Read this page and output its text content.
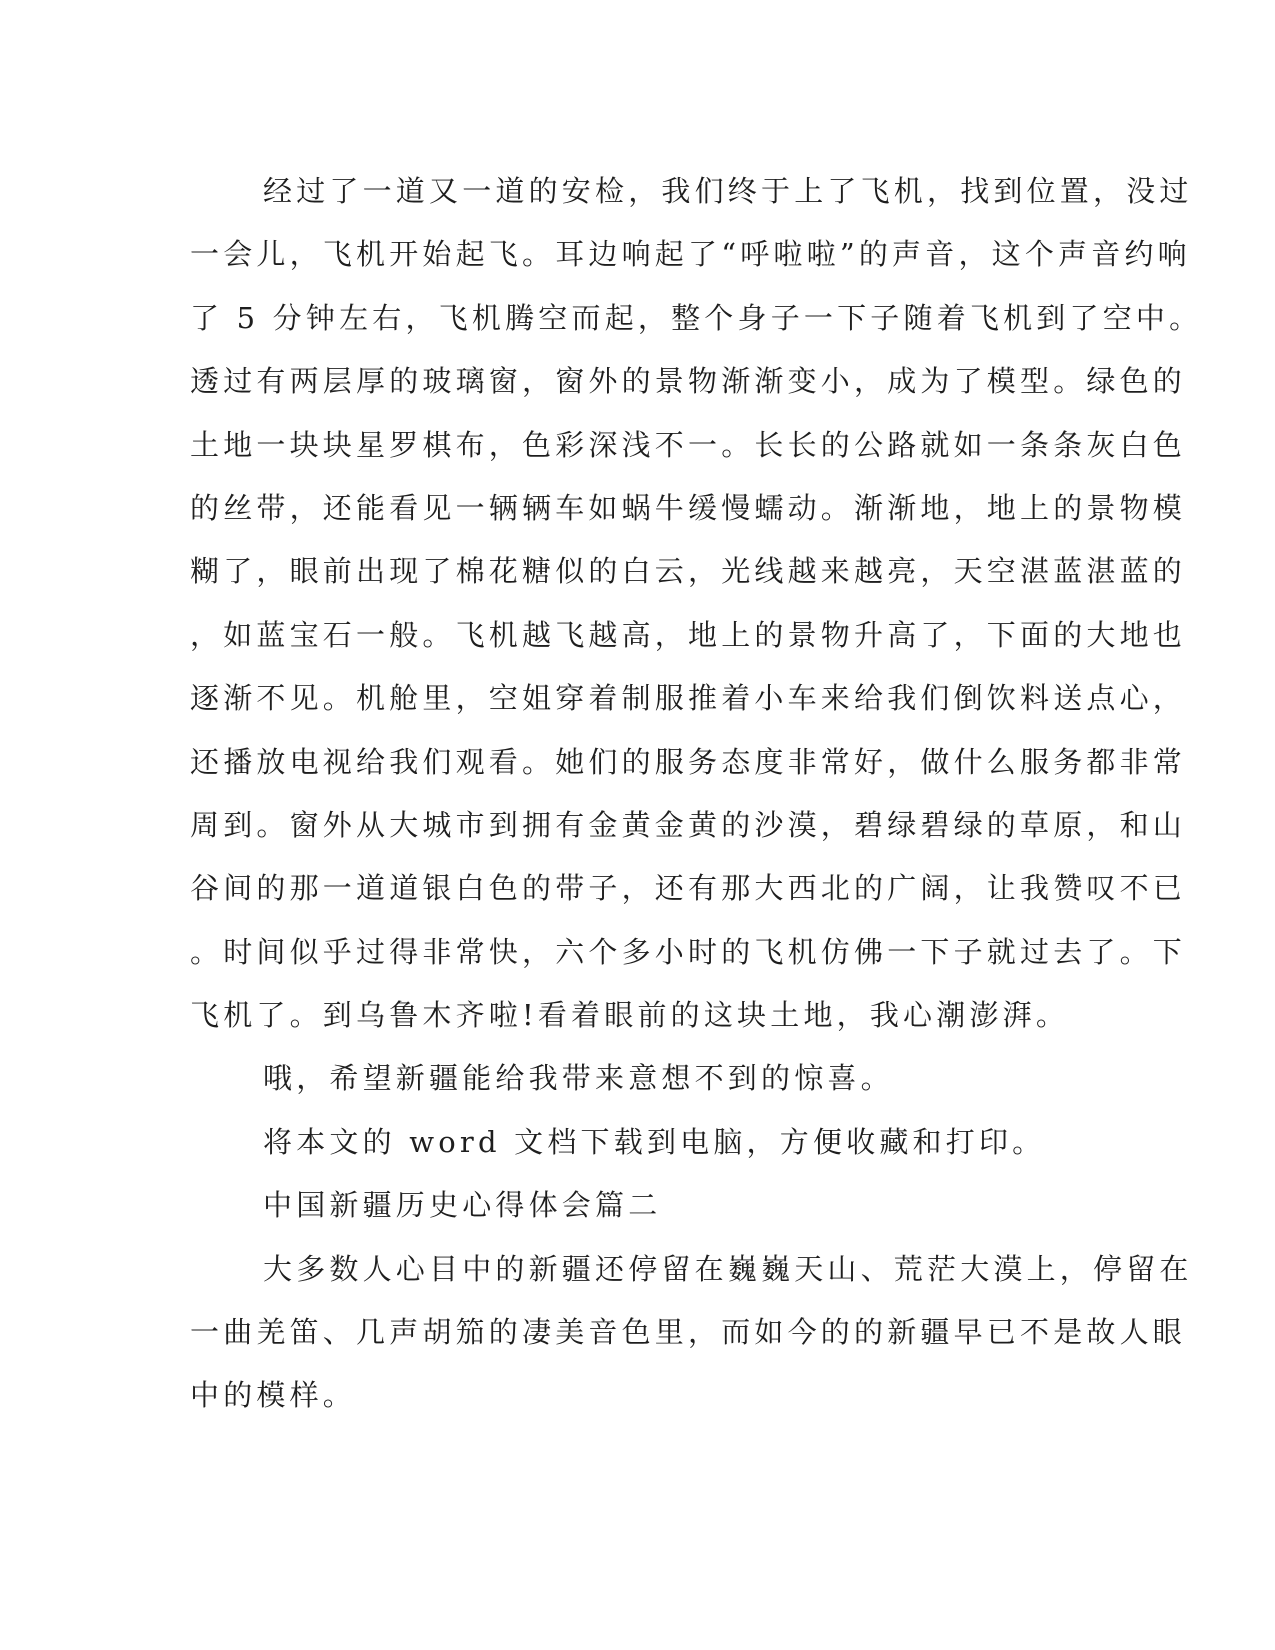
经过了一道又一道的安检，我们终于上了飞机，找到位置，没过
一会儿，飞机开始起飞。耳边响起了“呼啦啦”的声音，这个声音约响
了 5 分钟左右，飞机腾空而起，整个身子一下子随着飞机到了空中。
透过有两层厚的玻璃窗，窗外的景物渐渐变小，成为了模型。绿色的
土地一块块星罗棋布，色彩深浅不一。长长的公路就如一条条灰白色
的丝带，还能看见一辆辆车如蜗牛缓慢蠕动。渐渐地，地上的景物模
糊了，眼前出现了棉花糖似的白云，光线越来越亮，天空湛蓝湛蓝的
，如蓝宝石一般。飞机越飞越高，地上的景物升高了，下面的大地也
逐渐不见。机舱里，空姐穿着制服推着小车来给我们倒饮料送点心，
还播放电视给我们观看。她们的服务态度非常好，做什么服务都非常
周到。窗外从大城市到拥有金黄金黄的沙漠，碧绿碧绿的草原，和山
谷间的那一道道银白色的带子，还有那大西北的广阔，让我赞叹不已
。时间似乎过得非常快，六个多小时的飞机仿佛一下子就过去了。下
飞机了。到乌鲁木齐啦!看着眼前的这块土地，我心潮澎湃。
哦，希望新疆能给我带来意想不到的惊喜。
将本文的 word 文档下载到电脑，方便收藏和打印。
中国新疆历史心得体会篇二
大多数人心目中的新疆还停留在巍巍天山、荒茫大漠上，停留在
一曲羌笛、几声胡笳的凄美音色里，而如今的的新疆早已不是故人眼
中的模样。
